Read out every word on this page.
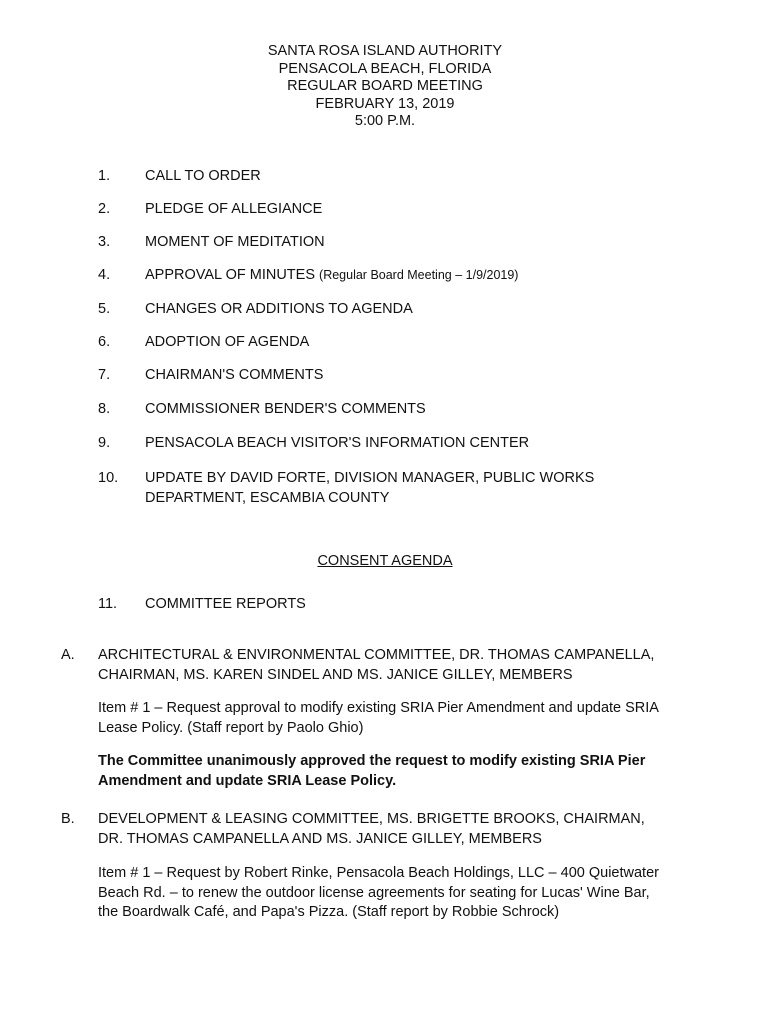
SANTA ROSA ISLAND AUTHORITY
PENSACOLA BEACH, FLORIDA
REGULAR BOARD MEETING
FEBRUARY 13, 2019
5:00 P.M.
1.	CALL TO ORDER
2.	PLEDGE OF ALLEGIANCE
3.	MOMENT OF MEDITATION
4.	APPROVAL OF MINUTES (Regular Board Meeting – 1/9/2019)
5.	CHANGES OR ADDITIONS TO AGENDA
6.	ADOPTION OF AGENDA
7.	CHAIRMAN'S COMMENTS
8.	COMMISSIONER BENDER'S COMMENTS
9.	PENSACOLA BEACH VISITOR'S INFORMATION CENTER
10.	UPDATE BY DAVID FORTE, DIVISION MANAGER, PUBLIC WORKS
DEPARTMENT, ESCAMBIA COUNTY
CONSENT AGENDA
11.	COMMITTEE REPORTS
A. ARCHITECTURAL & ENVIRONMENTAL COMMITTEE, DR. THOMAS CAMPANELLA,
CHAIRMAN, MS. KAREN SINDEL AND MS. JANICE GILLEY, MEMBERS
Item # 1 – Request approval to modify existing SRIA Pier Amendment and update SRIA
Lease Policy. (Staff report by Paolo Ghio)
The Committee unanimously approved the request to modify existing SRIA Pier
Amendment and update SRIA Lease Policy.
B. DEVELOPMENT & LEASING COMMITTEE, MS. BRIGETTE BROOKS, CHAIRMAN,
DR. THOMAS CAMPANELLA AND MS. JANICE GILLEY, MEMBERS
Item # 1 – Request by Robert Rinke, Pensacola Beach Holdings, LLC – 400 Quietwater
Beach Rd. – to renew the outdoor license agreements for seating for Lucas' Wine Bar,
the Boardwalk Café, and Papa's Pizza. (Staff report by Robbie Schrock)
